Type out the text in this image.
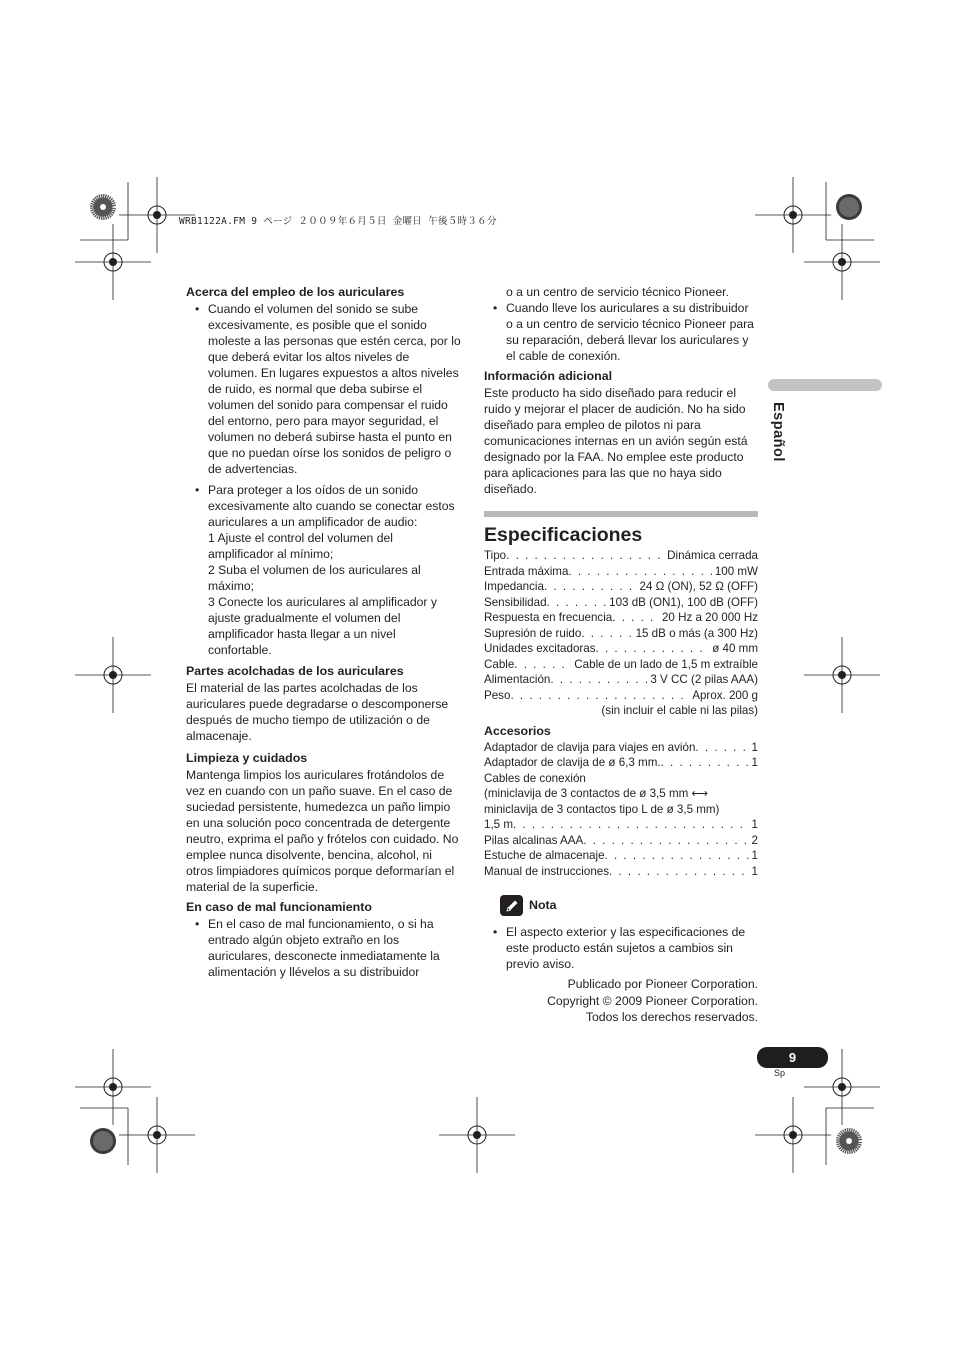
WRB1122A.FM 9 ページ ２００９年６月５日 金曜日 午後５時３６分
Acerca del empleo de los auriculares
• Cuando el volumen del sonido se sube excesivamente, es posible que el sonido moleste a las personas que estén cerca, por lo que deberá evitar los altos niveles de volumen. En lugares expuestos a altos niveles de ruido, es normal que deba subirse el volumen del sonido para compensar el ruido del entorno, pero para mayor seguridad, el volumen no deberá subirse hasta el punto en que no puedan oírse los sonidos de peligro o de advertencias.
• Para proteger a los oídos de un sonido excesivamente alto cuando se conectar estos auriculares a un amplificador de audio:
1 Ajuste el control del volumen del amplificador al mínimo;
2 Suba el volumen de los auriculares al máximo;
3 Conecte los auriculares al amplificador y ajuste gradualmente el volumen del amplificador hasta llegar a un nivel confortable.
Partes acolchadas de los auriculares

El material de las partes acolchadas de los auriculares puede degradarse o descomponerse después de mucho tiempo de utilización o de almacenaje.

Limpieza y cuidados

Mantenga limpios los auriculares frotándolos de vez en cuando con un paño suave. En el caso de suciedad persistente, humedezca un paño limpio en una solución poco concentrada de detergente neutro, exprima el paño y frótelos con cuidado. No emplee nunca disolvente, bencina, alcohol, ni otros limpiadores químicos porque deformarían el material de la superficie.

En caso de mal funcionamiento
• En el caso de mal funcionamiento, o si ha entrado algún objeto extraño en los auriculares, desconecte inmediatamente la alimentación y llévelos a su distribuidor

o a un centro de servicio técnico Pioneer.

• Cuando lleve los auriculares a su distribuidor o a un centro de servicio técnico Pioneer para su reparación, deberá llevar los auriculares y el cable de conexión.
Información adicional

Este producto ha sido diseñado para reducir el ruido y mejorar el placer de audición. No ha sido diseñado para empleo de pilotos ni para comunicaciones internas en un avión según está designado por la FAA. No emplee este producto para aplicaciones para las que no haya sido diseñado.

Especificaciones
Tipo . . .	Dinámica cerrada
Entrada máxima . . .	100 mW
Impedancia . . .	24 Ω (ON), 52 Ω (OFF)
Sensibilidad . . .	103 dB (ON1), 100 dB (OFF)
Respuesta en frecuencia . . .	20 Hz a 20 000 Hz
Supresión de ruido . . .	15 dB o más (a 300 Hz)
Unidades excitadoras . . .	ø 40 mm
Cable . . .	Cable de un lado de 1,5 m extraíble
Alimentación . . .	3 V CC (2 pilas AAA)
Peso . . .	Aprox. 200 g
(sin incluir el cable ni las pilas)
Accesorios
Adaptador de clavija para viajes en avión . . .	1
Adaptador de clavija de ø 6,3 mm. . . .	1
Cables de conexión
(miniclavija de 3 contactos de ø 3,5 mm ⟷
miniclavija de 3 contactos tipo L de ø 3,5 mm)
1,5 m . . .	1
Pilas alcalinas AAA . . .	2
Estuche de almacenaje . . .	1
Manual de instrucciones . . .	1
Nota
• El aspecto exterior y las especificaciones de este producto están sujetos a cambios sin previo aviso.
Publicado por Pioneer Corporation.
Copyright © 2009 Pioneer Corporation.
Todos los derechos reservados.
Español
9
Sp
